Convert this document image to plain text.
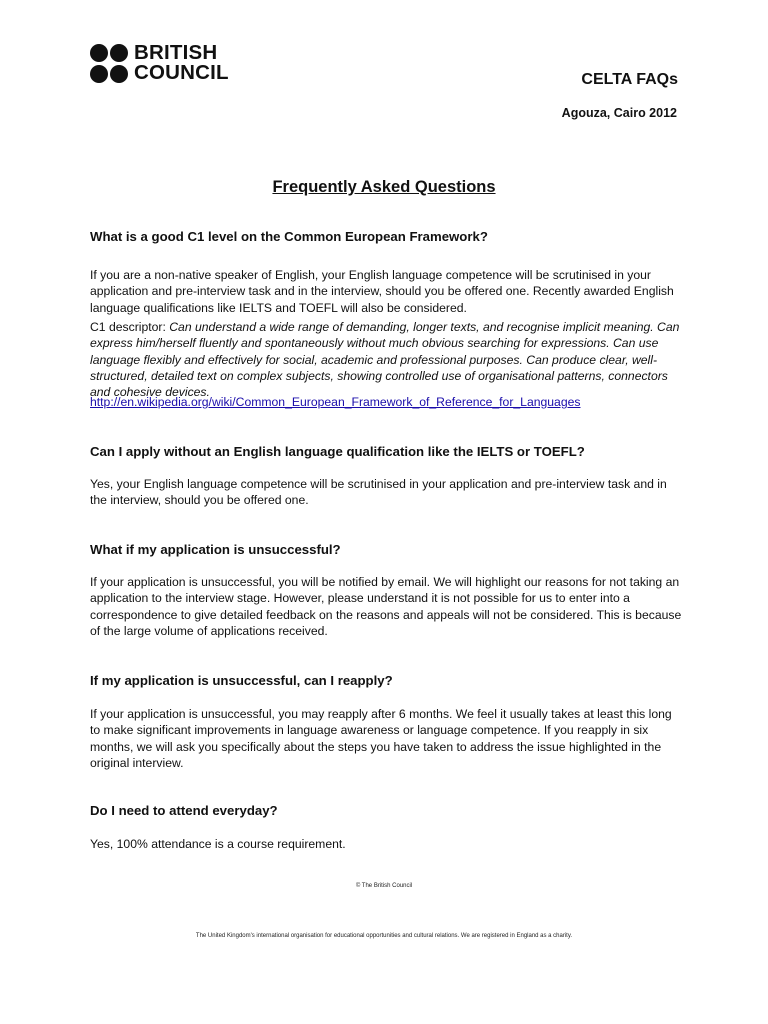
BRITISH
COUNCIL	CELTA FAQs
Agouza, Cairo 2012
Frequently Asked Questions
What is a good C1 level on the Common European Framework?
If you are a non-native speaker of English, your English language competence will be scrutinised in your application and pre-interview task and in the interview, should you be offered one. Recently awarded English language qualifications like IELTS and TOEFL will also be considered.
C1 descriptor: Can understand a wide range of demanding, longer texts, and recognise implicit meaning. Can express him/herself fluently and spontaneously without much obvious searching for expressions. Can use language flexibly and effectively for social, academic and professional purposes. Can produce clear, well-structured, detailed text on complex subjects, showing controlled use of organisational patterns, connectors and cohesive devices.
http://en.wikipedia.org/wiki/Common_European_Framework_of_Reference_for_Languages
Can I apply without an English language qualification like the IELTS or TOEFL?
Yes, your English language competence will be scrutinised in your application and pre-interview task and in the interview, should you be offered one.
What if my application is unsuccessful?
If your application is unsuccessful, you will be notified by email. We will highlight our reasons for not taking an application to the interview stage. However, please understand it is not possible for us to enter into a correspondence to give detailed feedback on the reasons and appeals will not be considered. This is because of the large volume of applications received.
If my application is unsuccessful, can I reapply?
If your application is unsuccessful, you may reapply after 6 months. We feel it usually takes at least this long to make significant improvements in language awareness or language competence. If you reapply in six months, we will ask you specifically about the steps you have taken to address the issue highlighted in the original interview.
Do I need to attend everyday?
Yes, 100% attendance is a course requirement.
© The British Council
The United Kingdom's international organisation for educational opportunities and cultural relations. We are registered in England as a charity.
